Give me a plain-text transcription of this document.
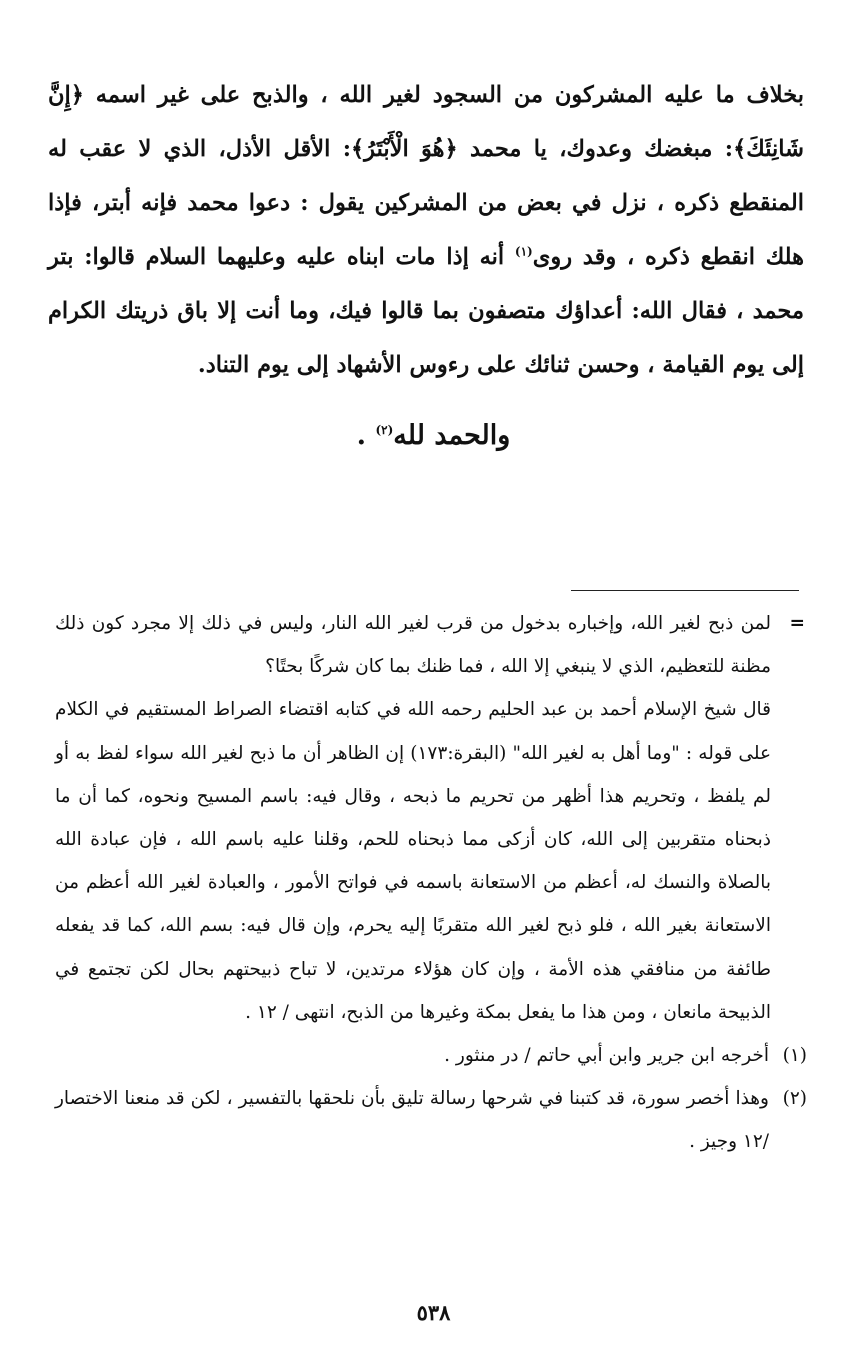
بخلاف ما عليه المشركون من السجود لغير الله ، والذبح على غير اسمه ﴿إِنَّ شَانِئَكَ﴾: مبغضك وعدوك، يا محمد ﴿هُوَ الْأَبْتَرُ﴾: الأقل الأذل، الذي لا عقب له المنقطع ذكره ، نزل في بعض من المشركين يقول : دعوا محمد فإنه أبتر، فإذا هلك انقطع ذكره ، وقد روى$^{(١)}$ أنه إذا مات ابناه عليه وعليهما السلام قالوا: بتر محمد ، فقال الله: أعداؤك متصفون بما قالوا فيك، وما أنت إلا باق ذريتك الكرام إلى يوم القيامة ، وحسن ثنائك على رءوس الأشهاد إلى يوم التناد.

والحمد لله$^{(٢)}$ .
=

لمن ذبح لغير الله، وإخباره بدخول من قرب لغير الله النار، وليس في ذلك إلا مجرد كون ذلك مظنة للتعظيم، الذي لا ينبغي إلا الله ، فما ظنك بما كان شركًا بحتًا؟

قال شيخ الإسلام أحمد بن عبد الحليم رحمه الله في كتابه اقتضاء الصراط المستقيم في الكلام على قوله : "وما أهل به لغير الله" (البقرة:١٧٣) إن الظاهر أن ما ذبح لغير الله سواء لفظ به أو لم يلفظ ، وتحريم هذا أظهر من تحريم ما ذبحه ، وقال فيه: باسم المسيح ونحوه، كما أن ما ذبحناه متقربين إلى الله، كان أزكى مما ذبحناه للحم، وقلنا عليه باسم الله ، فإن عبادة الله بالصلاة والنسك له، أعظم من الاستعانة باسمه في فواتح الأمور ، والعبادة لغير الله أعظم من الاستعانة بغير الله ، فلو ذبح لغير الله متقربًا إليه يحرم، وإن قال فيه: بسم الله، كما قد يفعله طائفة من منافقي هذه الأمة ، وإن كان هؤلاء مرتدين، لا تباح ذبيحتهم بحال لكن تجتمع في الذبيحة مانعان ، ومن هذا ما يفعل بمكة وغيرها من الذبح، انتهى / ١٢ .

(١)
أخرجه ابن جرير وابن أبي حاتم / در منثور .

(٢)
وهذا أخصر سورة، قد كتبنا في شرحها رسالة تليق بأن نلحقها بالتفسير ، لكن قد منعنا الاختصار /١٢ وجيز .

٥٣٨
